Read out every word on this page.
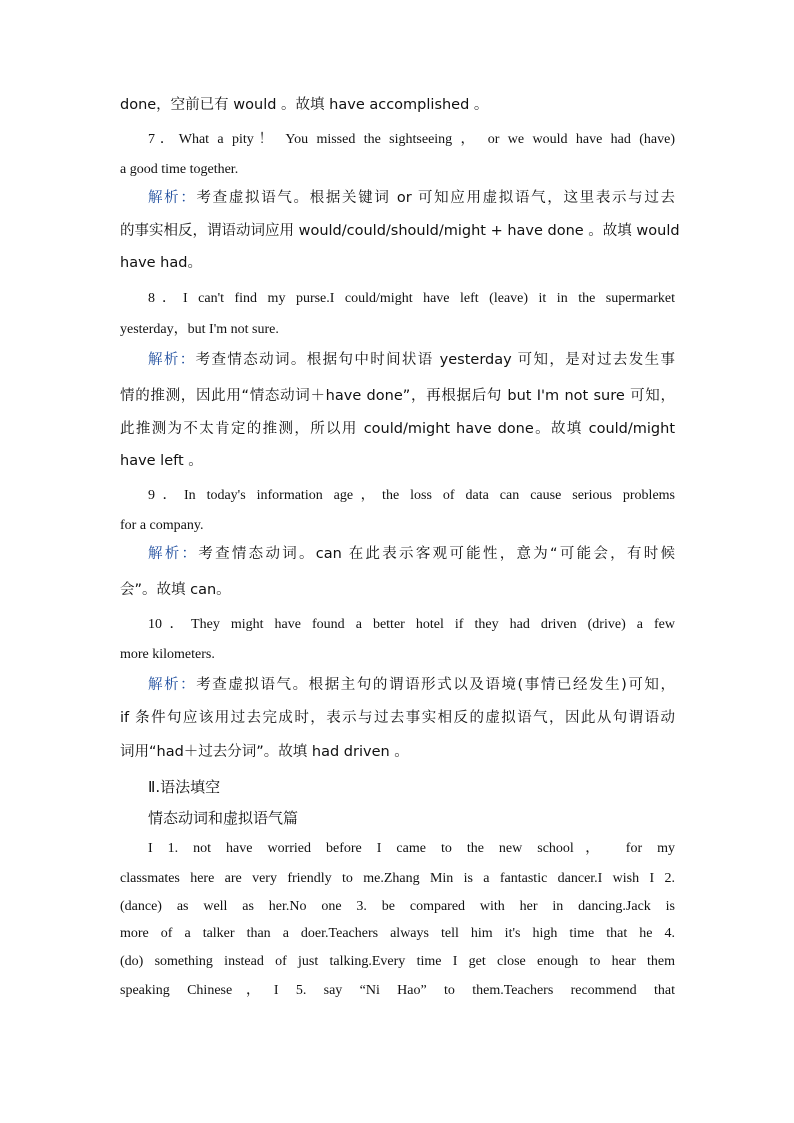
done，空前已有 would 。故填 have accomplished 。
7．What a pity！ You missed the sightseeing ， or we would have had (have)
a good time together.
解析：考查虚拟语气。根据关键词 or 可知应用虚拟语气，这里表示与过去
的事实相反，谓语动词应用 would/could/should/might + have done 。故填 would
have had。
8．I can't find my purse.I could/might have left (leave) it in the supermarket
yesterday，but I'm not sure.
解析：考查情态动词。根据句中时间状语 yesterday 可知，是对过去发生事
情的推测，因此用“情态动词＋have done”，再根据后句 but I'm not sure 可知，
此推测为不太肯定的推测，所以用 could/might have done。故填 could/might
have left 。
9．In today's information age，the loss of data can cause serious problems
for a company.
解析：考查情态动词。can 在此表示客观可能性，意为“可能会，有时候
会”。故填 can。
10．They might have found a better hotel if they had driven (drive) a few
more kilometers.
解析：考查虚拟语气。根据主句的谓语形式以及语境(事情已经发生)可知，
if 条件句应该用过去完成时，表示与过去事实相反的虚拟语气，因此从句谓语动
词用“had＋过去分词”。故填 had driven 。
Ⅱ.语法填空
情态动词和虚拟语气篇
I 1. not have worried before I came to the new school， for my
classmates here are very friendly to me.Zhang Min is a fantastic dancer.I wish I 2.
(dance) as well as her.No one 3. be compared with her in dancing.Jack is
more of a talker than a doer.Teachers always tell him it's high time that he 4.
(do) something instead of just talking.Every time I get close enough to hear them
speaking Chinese，I 5. say “Ni Hao” to them.Teachers recommend that
